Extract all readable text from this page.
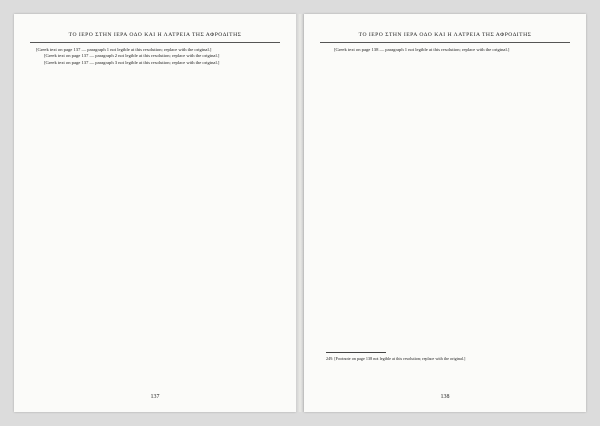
ΤΟ ΙΕΡΟ ΣΤΗΝ ΙΕΡΑ ΟΔΟ ΚΑΙ Η ΛΑΤΡΕΙΑ ΤΗΣ ΑΦΡΟΔΙΤΗΣ

[Greek text on page 137 — paragraph 1 not legible at this resolution; replace with the original.]

[Greek text on page 137 — paragraph 2 not legible at this resolution; replace with the original.]

[Greek text on page 137 — paragraph 3 not legible at this resolution; replace with the original.]

137
ΤΟ ΙΕΡΟ ΣΤΗΝ ΙΕΡΑ ΟΔΟ ΚΑΙ Η ΛΑΤΡΕΙΑ ΤΗΣ ΑΦΡΟΔΙΤΗΣ

[Greek text on page 138 — paragraph 1 not legible at this resolution; replace with the original.]

249. [Footnote on page 138 not legible at this resolution; replace with the original.]
138
